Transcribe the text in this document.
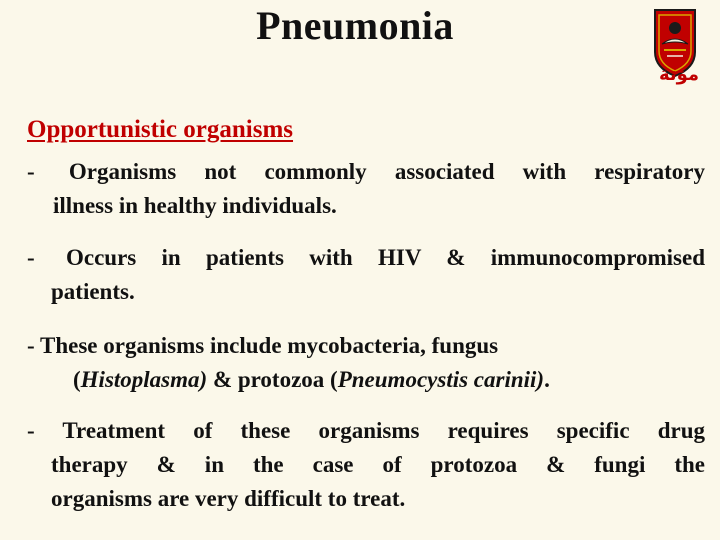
Pneumonia
مؤتة
Opportunistic organisms
- Organisms not commonly associated with respiratory
illness in healthy individuals.
- Occurs in patients with HIV & immunocompromised
patients.
- These organisms include mycobacteria, fungus
(Histoplasma) & protozoa (Pneumocystis carinii).
- Treatment of these organisms requires specific drug
therapy & in the case of protozoa & fungi the
organisms are very difficult to treat.
